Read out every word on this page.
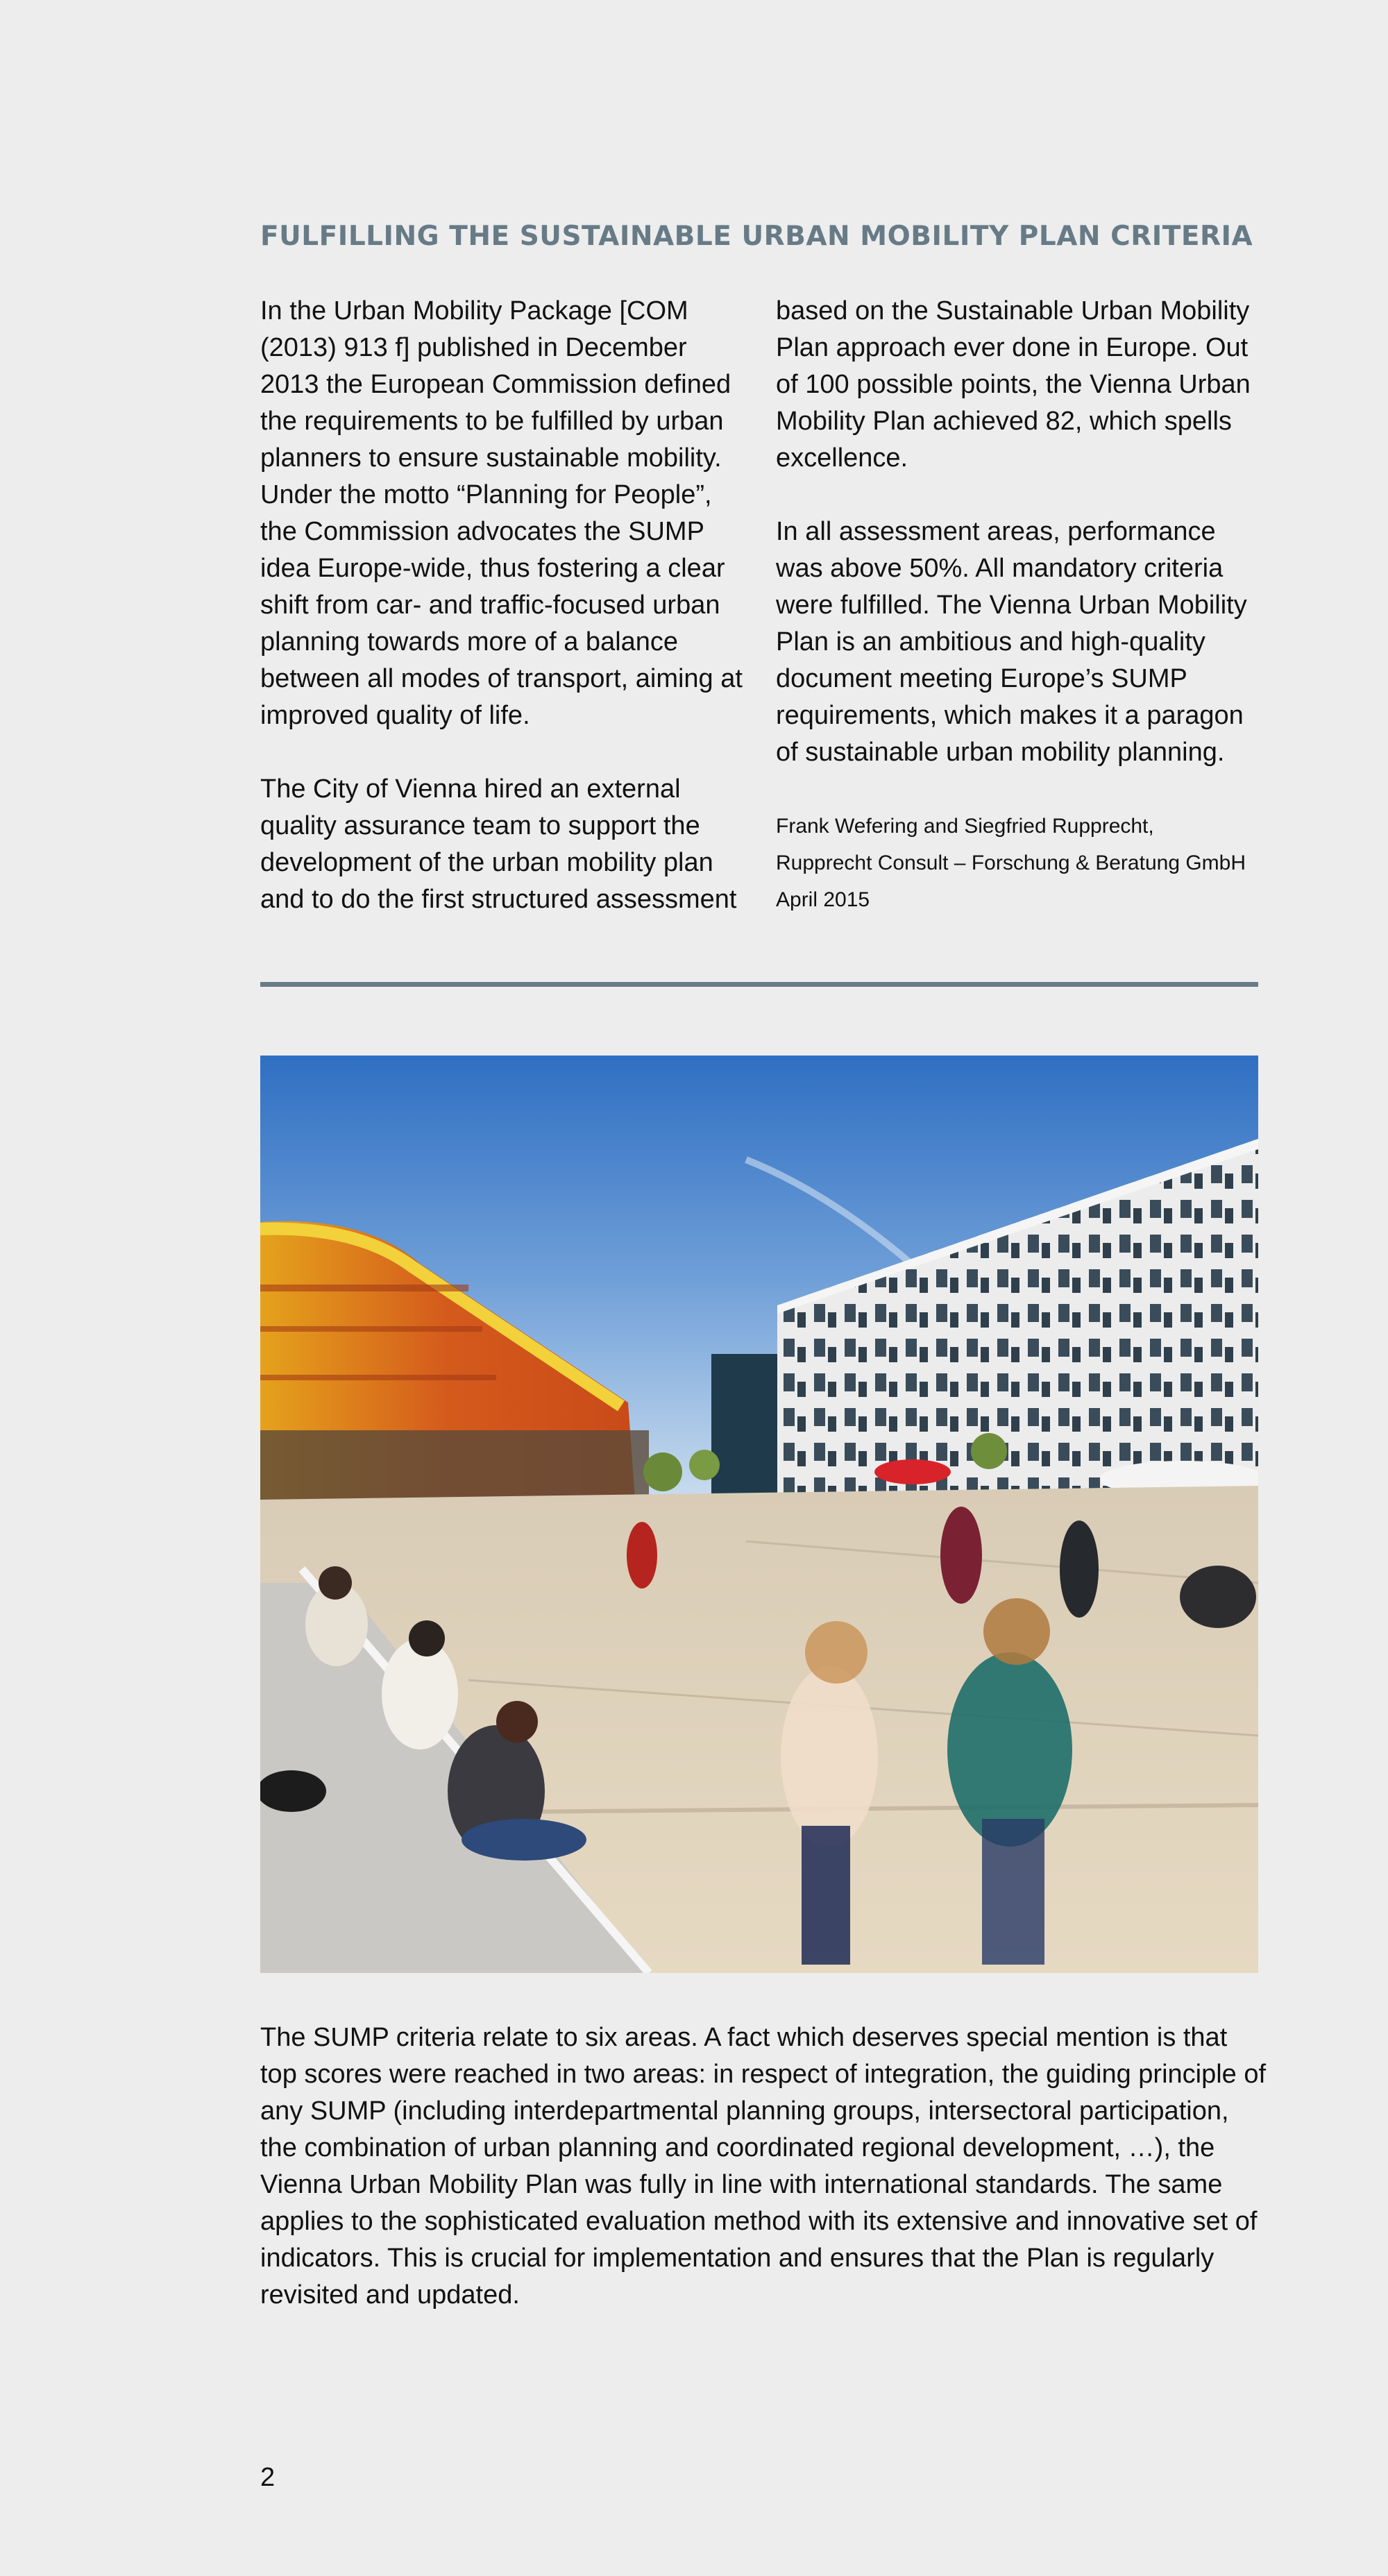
FULFILLING THE SUSTAINABLE URBAN MOBILITY PLAN CRITERIA

In the Urban Mobility Package [COM (2013) 913 f] published in December 2013 the European Commission defined the requirements to be fulfilled by urban planners to ensure sustainable mobility. Under the motto “Planning for People”, the Commission advocates the SUMP idea Europe-wide, thus fostering a clear shift from car- and traffic-focused urban planning towards more of a balance between all modes of transport, aiming at improved quality of life.

The City of Vienna hired an external quality assurance team to support the development of the urban mobility plan and to do the first structured assessment

based on the Sustainable Urban Mobility Plan approach ever done in Europe. Out of 100 possible points, the Vienna Urban Mobility Plan achieved 82, which spells excellence.

In all assessment areas, performance was above 50%. All mandatory criteria were fulfilled. The Vienna Urban Mobility Plan is an ambitious and high-quality document meeting Europe’s SUMP requirements, which makes it a paragon of sustainable urban mobility planning.

Frank Wefering and Siegfried Rupprecht,
Rupprecht Consult – Forschung & Beratung GmbH
April 2015

The SUMP criteria relate to six areas. A fact which deserves special mention is that top scores were reached in two areas: in respect of integration, the guiding principle of any SUMP (including interdepartmental planning groups, intersectoral participation, the combination of urban planning and coordinated regional development, …), the Vienna Urban Mobility Plan was fully in line with international standards. The same applies to the sophisticated evaluation method with its extensive and innovative set of indicators. This is crucial for implementation and ensures that the Plan is regularly revisited and updated.

2
